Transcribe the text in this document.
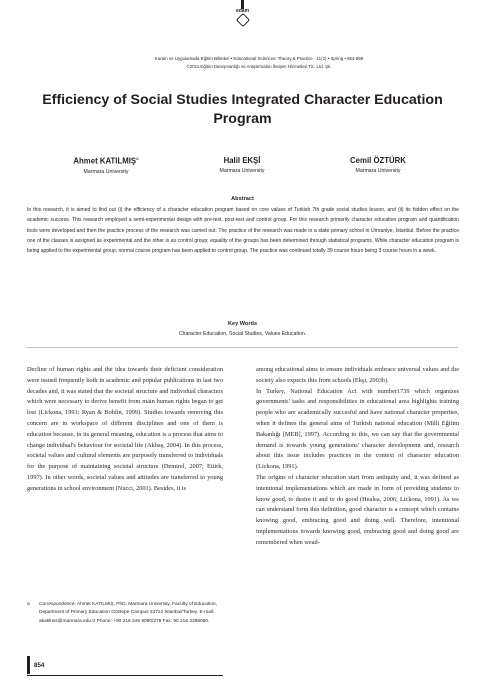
edam
Kuram ve Uygulamada Eğitim Bilimleri • Educational Sciences: Theory & Practice - 11(2) • Spring • 854-859
©2011 Eğitim Danışmanlığı ve Araştırmaları İletişim Hizmetleri Tic. Ltd. Şti.
Efficiency of Social Studies Integrated Character Education Program
Ahmet KATILMIŞ$^a$
Marmara University
Halil EKŞİ
Marmara University
Cemil ÖZTÜRK
Marmara University
Abstract
In this research, it is aimed to find out (i) the efficiency of a character education program based on core values of Turkish 7th grade social studies lesson, and (ii) its hidden effect on the academic success. This research employed a semi-experimental design with pre-test, post-test and control group. For this research primarily character education program and quantification tools were developed and then the practice process of the research was carried out. The practice of the research was made in a state primary school in Ümraniye, İstanbul. Before the practice one of the classes is assigned as experimental and the other is as control group; equality of the groups has been determined through statistical programs. While character education program is being applied to the experimental group, normal course program has been applied to control group. The practice was continued totally 39 course hours being 3 course hours in a week.
Key Words
Character Education, Social Studies, Values Education.

Decline of human rights and the idea towards their deficient consideration were issued frequently both in academic and popular publications in last two decades and, it was stated that the societal structure and individual characters which were necessary to derive benefit from main human rights began to get lost (Lickona, 1991; Ryan & Bohlin, 1999). Studies towards removing this concern are in workspace of different disciplines and one of them is education because, in its general meaning, education is a process that aims to change individual's behaviour for societal life (Akbaş, 2004). In this process, societal values and cultural elements are purposely transferred to individuals for the purpose of maintaining societal structure (Demirel, 2007; Ettirk, 1997). In other words, societal values and attitudes are transferred to young generations in school environment (Nucci, 2001). Besides, it is

among educational aims to ensure individuals embrace universal values and the society also expects this from schools (Ekşi, 2003b).

In Turkey, National Education Act with number1739 which organizes governments' tasks and responsibilities in educational area highlights training people who are academically succesful and have national character properties, when it defines the general aims of Turkish national education (Milli Eğitim Bakanlığı [MEB], 1997). According to this, we can say that the governmental demand is towards young generations' character development and, research about this issue includes practices in the context of character education (Lickona, 1991).

The origins of character education start from antiquity and, it was defined as intentional implementations which are made in form of providing students to know good, to desire it and to do good (Healea, 2006; Lickona, 1991). As we can understand form this definition, good character is a concept which contains knowing good, embracing good and doing well. Therefore, intentional implementations towards knowing good, embracing good and doing good are remembered when wead-

a Correspondence: Ahmet KATILMIŞ, PhD. Marmara University, Faculty of Education, Department of Primary Education Göztepe Campus 34722 İstanbul/Turkey. E-mail: akatilmis@marmara.edu.tr Phone: +90 216 345 9090/278 Fax: 90 216 3388060.
854
